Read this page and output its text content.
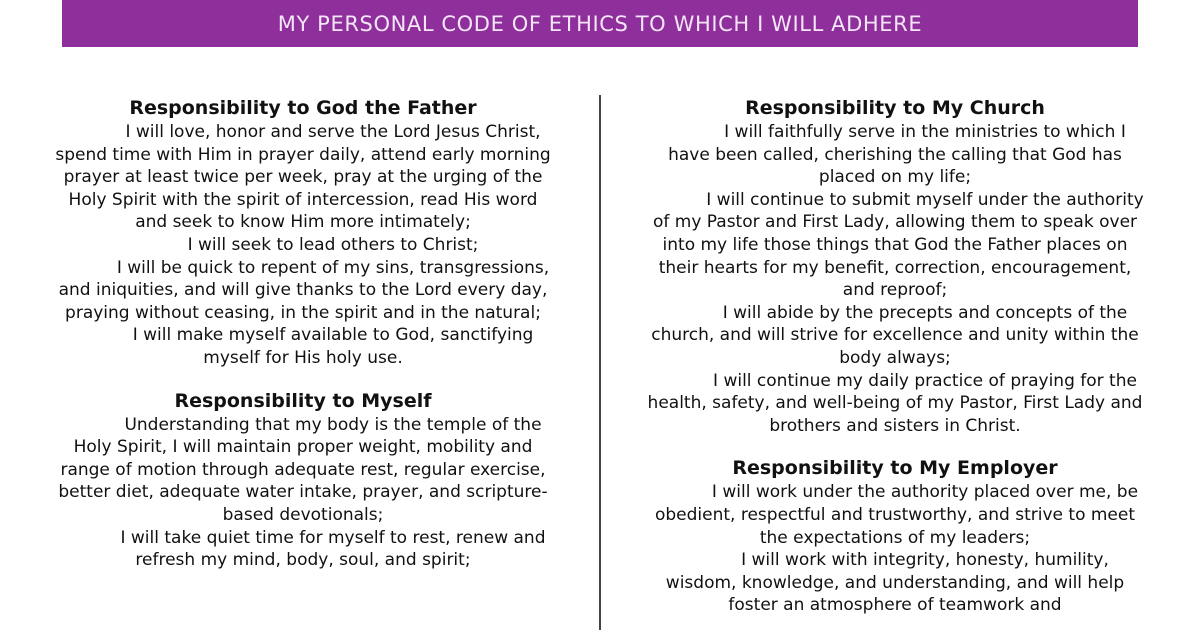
MY PERSONAL CODE OF ETHICS TO WHICH I WILL ADHERE
Responsibility to God the Father

I will love, honor and serve the Lord Jesus Christ, spend time with Him in prayer daily, attend early morning prayer at least twice per week, pray at the urging of the Holy Spirit with the spirit of intercession, read His word and seek to know Him more intimately;

I will seek to lead others to Christ;

I will be quick to repent of my sins, transgressions, and iniquities, and will give thanks to the Lord every day, praying without ceasing, in the spirit and in the natural;

I will make myself available to God, sanctifying myself for His holy use.

Responsibility to Myself

Understanding that my body is the temple of the Holy Spirit, I will maintain proper weight, mobility and range of motion through adequate rest, regular exercise, better diet, adequate water intake, prayer, and scripture-based devotionals;

I will take quiet time for myself to rest, renew and refresh my mind, body, soul, and spirit;

Responsibility to My Church

I will faithfully serve in the ministries to which I have been called, cherishing the calling that God has placed on my life;

I will continue to submit myself under the authority of my Pastor and First Lady, allowing them to speak over into my life those things that God the Father places on their hearts for my benefit, correction, encouragement, and reproof;

I will abide by the precepts and concepts of the church, and will strive for excellence and unity within the body always;

I will continue my daily practice of praying for the health, safety, and well-being of my Pastor, First Lady and brothers and sisters in Christ.

Responsibility to My Employer

I will work under the authority placed over me, be obedient, respectful and trustworthy, and strive to meet the expectations of my leaders;

I will work with integrity, honesty, humility, wisdom, knowledge, and understanding, and will help foster an atmosphere of teamwork and
